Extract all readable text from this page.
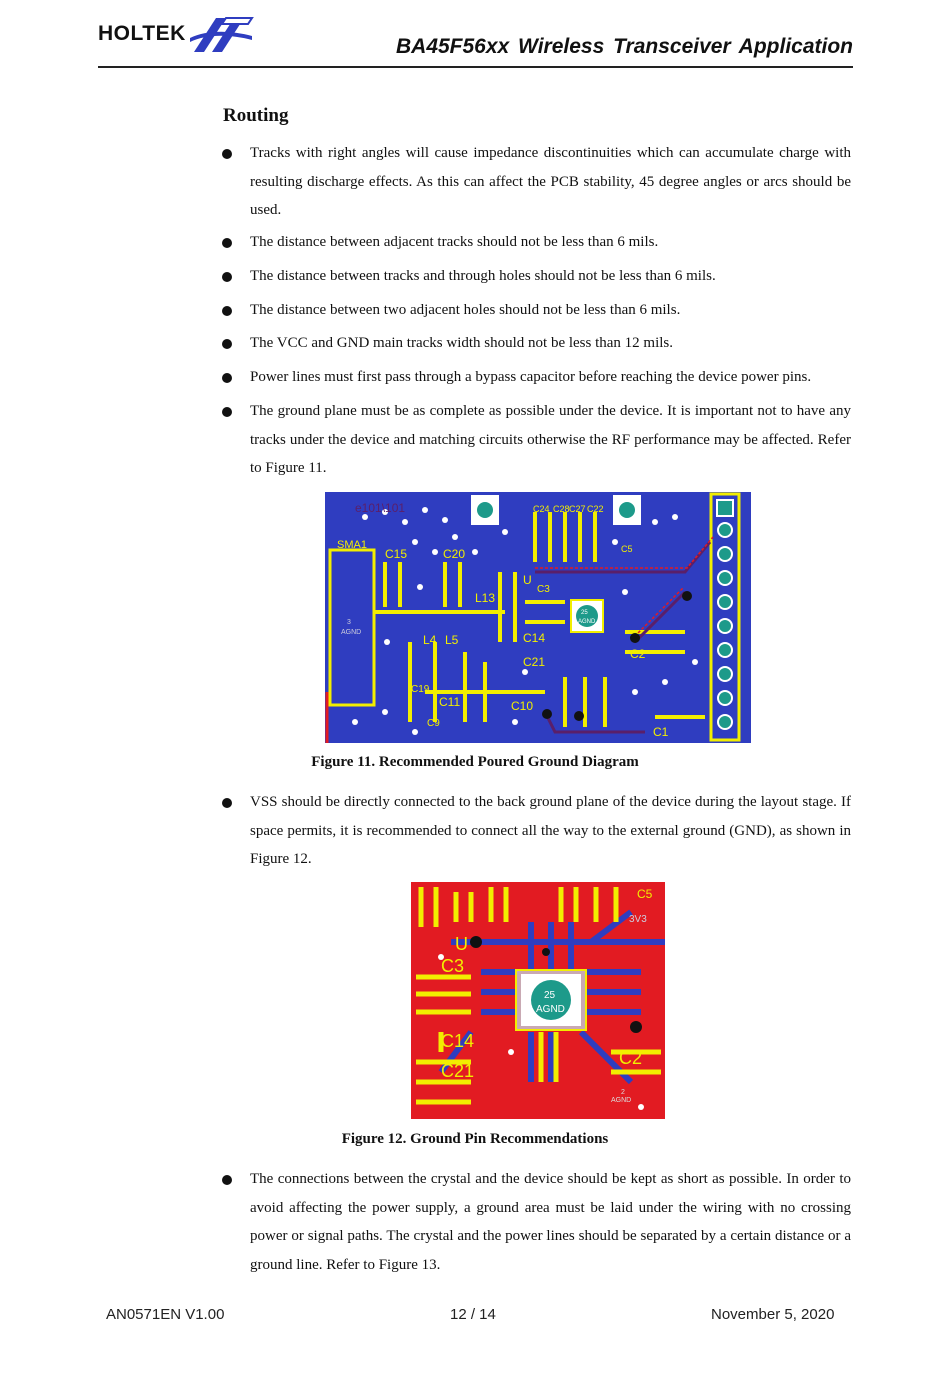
HOLTEK
BA45F56xx Wireless Transceiver Application
Routing
Tracks with right angles will cause impedance discontinuities which can accumulate charge with resulting discharge effects. As this can affect the PCB stability, 45 degree angles or arcs should be used.
The distance between adjacent tracks should not be less than 6 mils.
The distance between tracks and through holes should not be less than 6 mils.
The distance between two adjacent holes should not be less than 6 mils.
The VCC and GND main tracks width should not be less than 12 mils.
Power lines must first pass through a bypass capacitor before reaching the device power pins.
The ground plane must be as complete as possible under the device. It is important not to have any tracks under the device and matching circuits otherwise the RF performance may be affected. Refer to Figure 11.
SMA1
3
AGND
25
AGND
e1​01\101
C15	C20
L13
C14
C21
C2
L4 L5
C11	C10
C1
C24 C28 C27 C22
C5
C9
C19
U
C3
Figure 11. Recommended Poured Ground Diagram
VSS should be directly connected to the back ground plane of the device during the layout stage. If space permits, it is recommended to connect all the way to the external ground (GND), as shown in Figure 12.
25
AGND
C3
C14
C21
C2
3V3
U
C5
2
AGND
Figure 12. Ground Pin Recommendations
The connections between the crystal and the device should be kept as short as possible. In order to avoid affecting the power supply, a ground area must be laid under the wiring with no crossing power or signal paths. The crystal and the power lines should be separated by a certain distance or a ground line. Refer to Figure 13.
AN0571EN V1.00	12 / 14	November 5, 2020
